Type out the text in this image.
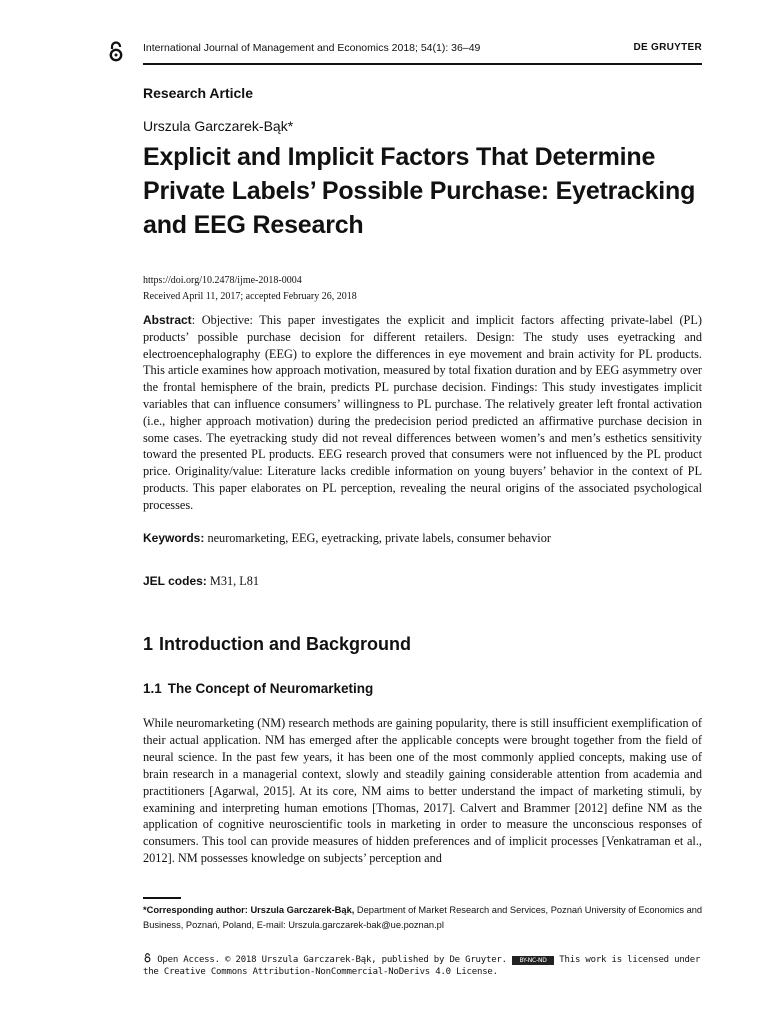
International Journal of Management and Economics 2018; 54(1): 36–49	DE GRUYTER
Research Article
Urszula Garczarek-Bąk*
Explicit and Implicit Factors That Determine Private Labels’ Possible Purchase: Eyetracking and EEG Research
https://doi.org/10.2478/ijme-2018-0004
Received April 11, 2017; accepted February 26, 2018
Abstract: Objective: This paper investigates the explicit and implicit factors affecting private-label (PL) products’ possible purchase decision for different retailers. Design: The study uses eyetracking and electroencephalography (EEG) to explore the differences in eye movement and brain activity for PL products. This article examines how approach motivation, measured by total fixation duration and by EEG asymmetry over the frontal hemisphere of the brain, predicts PL purchase decision. Findings: This study investigates implicit variables that can influence consumers’ willingness to PL purchase. The relatively greater left frontal activation (i.e., higher approach motivation) during the predecision period predicted an affirmative purchase decision in some cases. The eyetracking study did not reveal differences between women’s and men’s esthetics sensitivity toward the presented PL products. EEG research proved that consumers were not influenced by the PL product price. Originality/value: Literature lacks credible information on young buyers’ behavior in the context of PL products. This paper elaborates on PL perception, revealing the neural origins of the associated psychological processes.
Keywords: neuromarketing, EEG, eyetracking, private labels, consumer behavior
JEL codes: M31, L81
1 Introduction and Background
1.1 The Concept of Neuromarketing
While neuromarketing (NM) research methods are gaining popularity, there is still insufficient exemplification of their actual application. NM has emerged after the applicable concepts were brought together from the field of neural science. In the past few years, it has been one of the most commonly applied concepts, making use of brain research in a managerial context, slowly and steadily gaining considerable attention from academia and practitioners [Agarwal, 2015]. At its core, NM aims to better understand the impact of marketing stimuli, by examining and interpreting human emotions [Thomas, 2017]. Calvert and Brammer [2012] define NM as the application of cognitive neuroscientific tools in marketing in order to measure the unconscious responses of consumers. This tool can provide measures of hidden preferences and of implicit processes [Venkatraman et al., 2012]. NM possesses knowledge on subjects’ perception and
*Corresponding author: Urszula Garczarek-Bąk, Department of Market Research and Services, Poznań University of Economics and Business, Poznań, Poland, E-mail: Urszula.garczarek-bak@ue.poznan.pl
Open Access. © 2018 Urszula Garczarek-Bąk, published by De Gruyter. BY-NC-ND This work is licensed under the Creative Commons Attribution-NonCommercial-NoDerivs 4.0 License.
